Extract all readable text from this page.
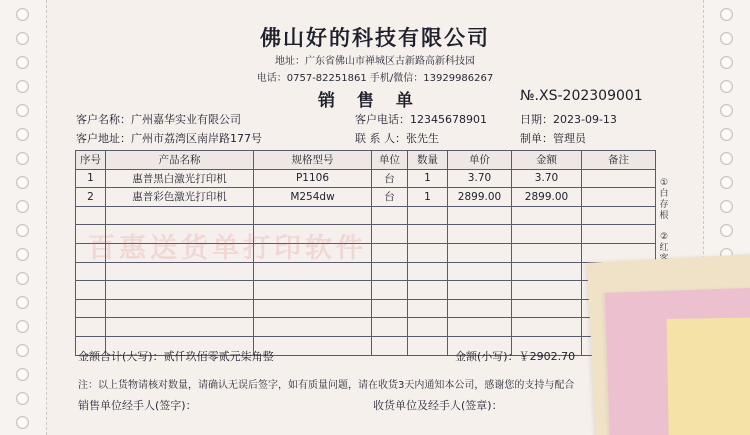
佛山好的科技有限公司
地址：广东省佛山市禅城区古新路高新科技园
电话：0757-82251861 手机/微信：13929986267
销 售 单	№.XS-202309001
客户名称：广州嘉华实业有限公司	客户电话：12345678901	日期：2023-09-13
客户地址：广州市荔湾区南岸路177号	联 系 人：张先生	制单：管理员
序号	产品名称	规格型号	单位	数量	单价	金额	备注
1	惠普黑白激光打印机	P1106	台	1	3.70	3.70	
2	惠普彩色激光打印机	M254dw	台	1	2899.00	2899.00	

百惠送货单打印软件
①白存根
②红
金额合计(大写)：贰仟玖佰零贰元柒角整	金额(小写)：￥2902.70
注：以上货物请核对数量，请确认无误后签字，如有质量问题，请在收货3天内通知本公司，感谢您的支持与配合
销售单位经手人(签字)：	收货单位及经手人(签章)：
